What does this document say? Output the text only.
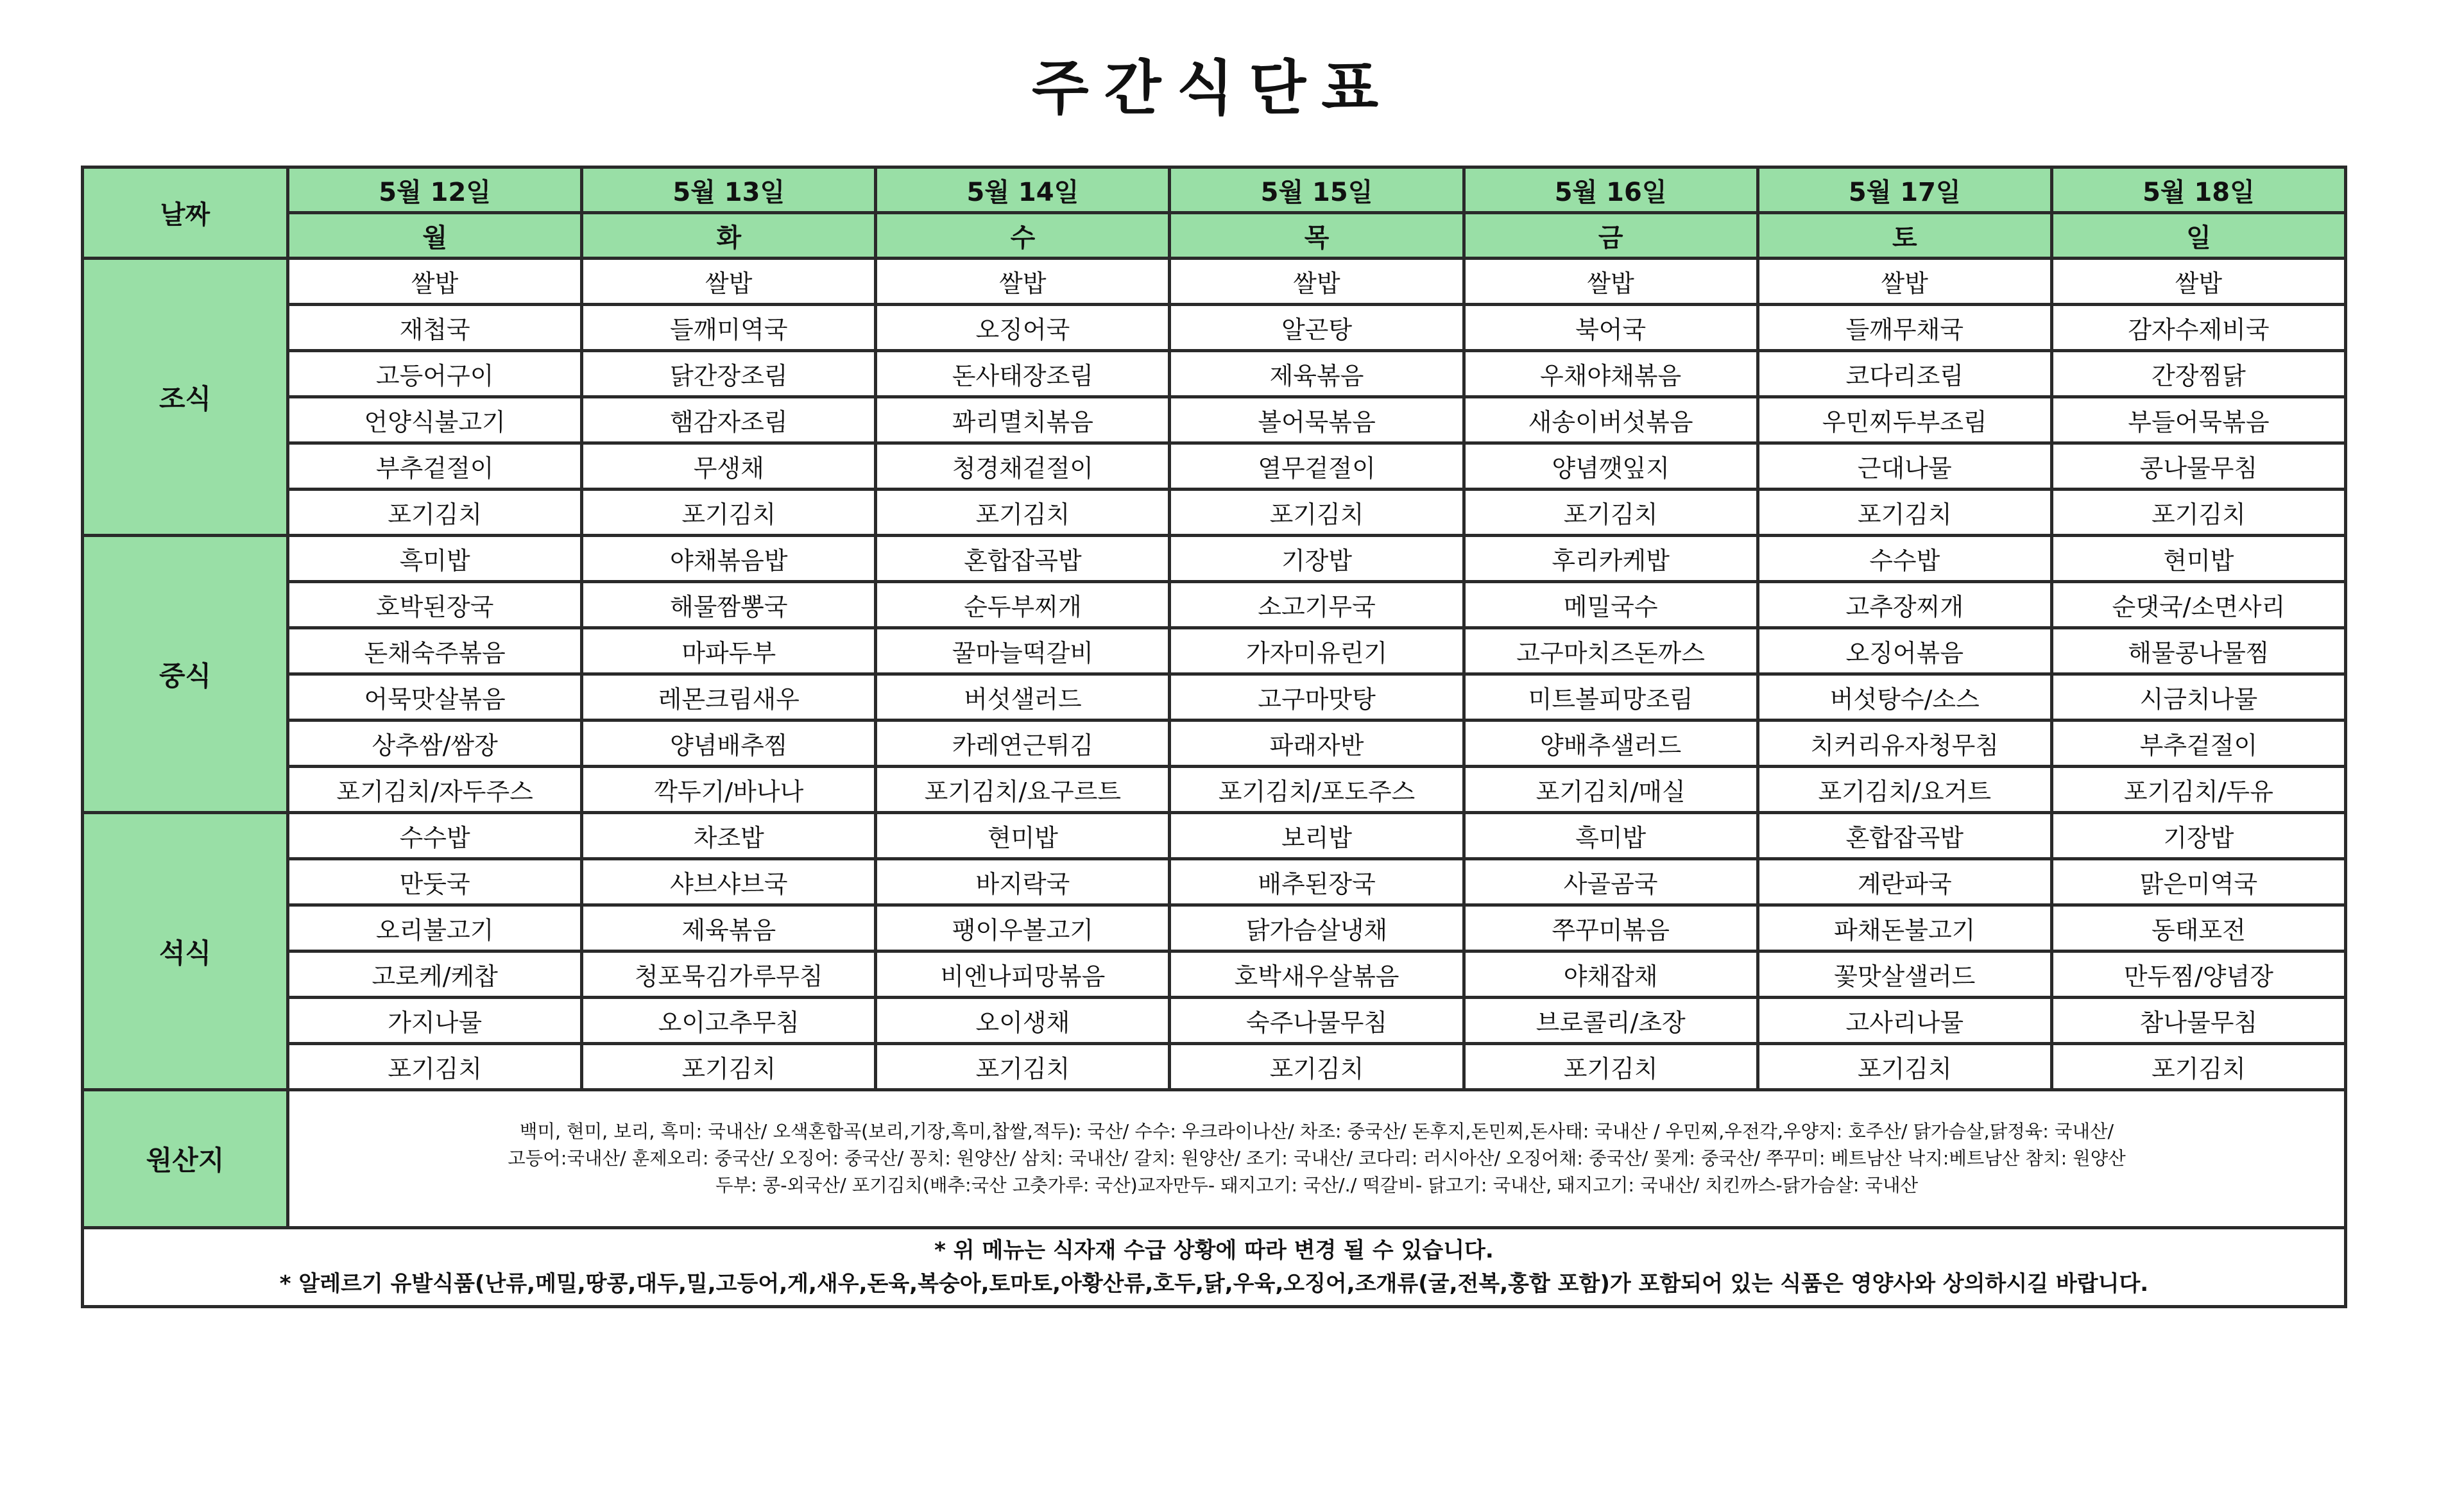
주간식단표
날짜	5월 12일	5월 13일	5월 14일	5월 15일	5월 16일	5월 17일	5월 18일
	월	화	수	목	금	토	일
조식	쌀밥	쌀밥	쌀밥	쌀밥	쌀밥	쌀밥	쌀밥
	재첩국	들깨미역국	오징어국	알곤탕	북어국	들깨무채국	감자수제비국
	고등어구이	닭간장조림	돈사태장조림	제육볶음	우채야채볶음	코다리조림	간장찜닭
	언양식불고기	햄감자조림	꽈리멸치볶음	볼어묵볶음	새송이버섯볶음	우민찌두부조림	부들어묵볶음
	부추겉절이	무생채	청경채겉절이	열무겉절이	양념깻잎지	근대나물	콩나물무침
	포기김치	포기김치	포기김치	포기김치	포기김치	포기김치	포기김치
중식	흑미밥	야채볶음밥	혼합잡곡밥	기장밥	후리카케밥	수수밥	현미밥
	호박된장국	해물짬뽕국	순두부찌개	소고기무국	메밀국수	고추장찌개	순댓국/소면사리
	돈채숙주볶음	마파두부	꿀마늘떡갈비	가자미유린기	고구마치즈돈까스	오징어볶음	해물콩나물찜
	어묵맛살볶음	레몬크림새우	버섯샐러드	고구마맛탕	미트볼피망조림	버섯탕수/소스	시금치나물
	상추쌈/쌈장	양념배추찜	카레연근튀김	파래자반	양배추샐러드	치커리유자청무침	부추겉절이
	포기김치/자두주스	깍두기/바나나	포기김치/요구르트	포기김치/포도주스	포기김치/매실	포기김치/요거트	포기김치/두유
석식	수수밥	차조밥	현미밥	보리밥	흑미밥	혼합잡곡밥	기장밥
	만둣국	샤브샤브국	바지락국	배추된장국	사골곰국	계란파국	맑은미역국
	오리불고기	제육볶음	팽이우볼고기	닭가슴살냉채	쭈꾸미볶음	파채돈불고기	동태포전
	고로케/케찹	청포묵김가루무침	비엔나피망볶음	호박새우살볶음	야채잡채	꽃맛살샐러드	만두찜/양념장
	가지나물	오이고추무침	오이생채	숙주나물무침	브로콜리/초장	고사리나물	참나물무침
	포기김치	포기김치	포기김치	포기김치	포기김치	포기김치	포기김치
원산지	백미, 현미, 보리, 흑미: 국내산/ 오색혼합곡(보리,기장,흑미,찹쌀,적두): 국산/ 수수: 우크라이나산/ 차조: 중국산/ 돈후지,돈민찌,돈사태: 국내산 / 우민찌,우전각,우양지: 호주산/ 닭가슴살,닭정육: 국내산/
고등어:국내산/ 훈제오리: 중국산/ 오징어: 중국산/ 꽁치: 원양산/ 삼치: 국내산/ 갈치: 원양산/ 조기: 국내산/ 코다리: 러시아산/ 오징어채: 중국산/ 꽃게: 중국산/ 쭈꾸미: 베트남산 낙지:베트남산 참치: 원양산
두부: 콩-외국산/ 포기김치(배추:국산 고춧가루: 국산)교자만두- 돼지고기: 국산/./ 떡갈비- 닭고기: 국내산, 돼지고기: 국내산/ 치킨까스-닭가슴살: 국내산						

* 위 메뉴는 식자재 수급 상황에 따라 변경 될 수 있습니다.
* 알레르기 유발식품(난류,메밀,땅콩,대두,밀,고등어,게,새우,돈육,복숭아,토마토,아황산류,호두,닭,우육,오징어,조개류(굴,전복,홍합 포함)가 포함되어 있는 식품은 영양사와 상의하시길 바랍니다.							
